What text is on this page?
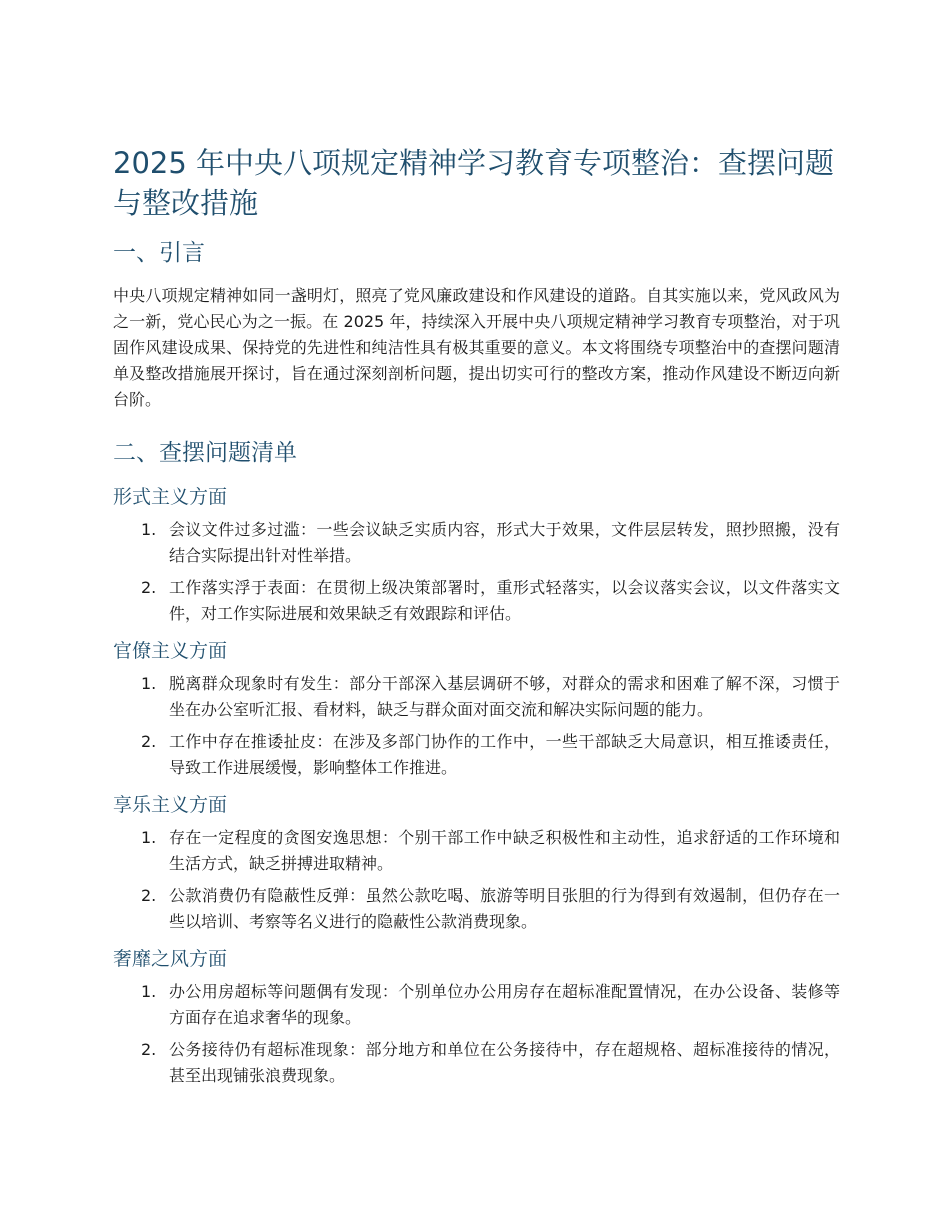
2025 年中央八项规定精神学习教育专项整治：查摆问题与整改措施
一、引言

中央八项规定精神如同一盏明灯，照亮了党风廉政建设和作风建设的道路。自其实施以来，党风政风为之一新，党心民心为之一振。在 2025 年，持续深入开展中央八项规定精神学习教育专项整治，对于巩固作风建设成果、保持党的先进性和纯洁性具有极其重要的意义。本文将围绕专项整治中的查摆问题清单及整改措施展开探讨，旨在通过深刻剖析问题，提出切实可行的整改方案，推动作风建设不断迈向新台阶。

二、查摆问题清单
形式主义方面
1. 会议文件过多过滥：一些会议缺乏实质内容，形式大于效果，文件层层转发，照抄照搬，没有结合实际提出针对性举措。
2. 工作落实浮于表面：在贯彻上级决策部署时，重形式轻落实，以会议落实会议，以文件落实文件，对工作实际进展和效果缺乏有效跟踪和评估。
官僚主义方面
1. 脱离群众现象时有发生：部分干部深入基层调研不够，对群众的需求和困难了解不深，习惯于坐在办公室听汇报、看材料，缺乏与群众面对面交流和解决实际问题的能力。
2. 工作中存在推诿扯皮：在涉及多部门协作的工作中，一些干部缺乏大局意识，相互推诿责任，导致工作进展缓慢，影响整体工作推进。
享乐主义方面
1. 存在一定程度的贪图安逸思想：个别干部工作中缺乏积极性和主动性，追求舒适的工作环境和生活方式，缺乏拼搏进取精神。
2. 公款消费仍有隐蔽性反弹：虽然公款吃喝、旅游等明目张胆的行为得到有效遏制，但仍存在一些以培训、考察等名义进行的隐蔽性公款消费现象。
奢靡之风方面
1. 办公用房超标等问题偶有发现：个别单位办公用房存在超标准配置情况，在办公设备、装修等方面存在追求奢华的现象。
2. 公务接待仍有超标准现象：部分地方和单位在公务接待中，存在超规格、超标准接待的情况，甚至出现铺张浪费现象。
